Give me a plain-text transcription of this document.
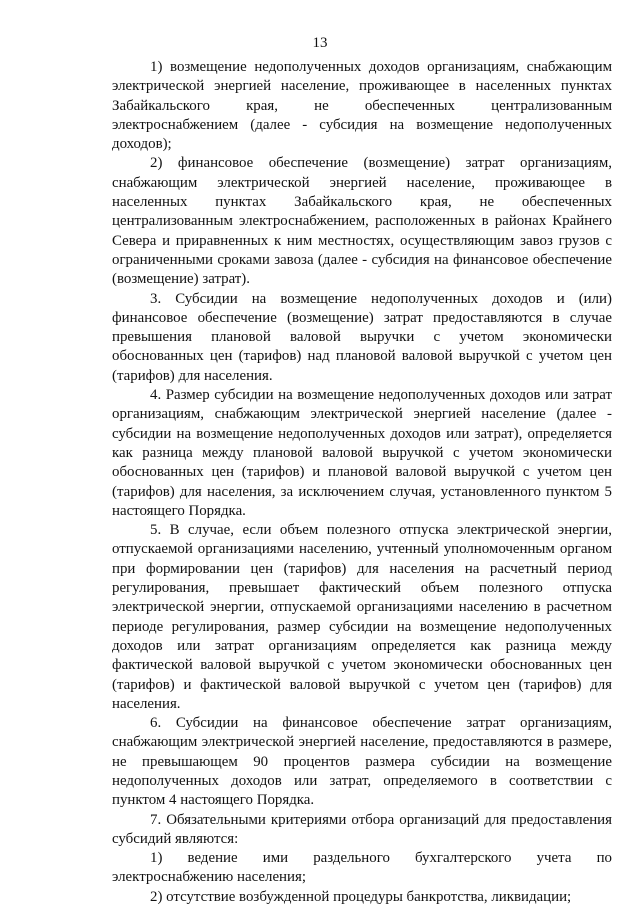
13
1) возмещение недополученных доходов организациям, снабжающим
электрической энергией население, проживающее в населенных пунктах
Забайкальского края, не обеспеченных централизованным
электроснабжением (далее - субсидия на возмещение недополученных
доходов);
2) финансовое обеспечение (возмещение) затрат организациям,
снабжающим электрической энергией население, проживающее в
населенных пунктах Забайкальского края, не обеспеченных
централизованным электроснабжением, расположенных в районах Крайнего
Севера и приравненных к ним местностях, осуществляющим завоз грузов с
ограниченными сроками завоза (далее - субсидия на финансовое обеспечение
(возмещение) затрат).
3. Субсидии на возмещение недополученных доходов и (или)
финансовое обеспечение (возмещение) затрат предоставляются в случае
превышения плановой валовой выручки с учетом экономически
обоснованных цен (тарифов) над плановой валовой выручкой с учетом цен
(тарифов) для населения.
4. Размер субсидии на возмещение недополученных доходов или затрат
организациям, снабжающим электрической энергией население (далее -
субсидии на возмещение недополученных доходов или затрат), определяется
как разница между плановой валовой выручкой с учетом экономически
обоснованных цен (тарифов) и плановой валовой выручкой с учетом цен
(тарифов) для населения, за исключением случая, установленного пунктом 5
настоящего Порядка.
5. В случае, если объем полезного отпуска электрической энергии,
отпускаемой организациями населению, учтенный уполномоченным органом
при формировании цен (тарифов) для населения на расчетный период
регулирования, превышает фактический объем полезного отпуска
электрической энергии, отпускаемой организациями населению в расчетном
периоде регулирования, размер субсидии на возмещение недополученных
доходов или затрат организациям определяется как разница между
фактической валовой выручкой с учетом экономически обоснованных цен
(тарифов) и фактической валовой выручкой с учетом цен (тарифов) для
населения.
6. Субсидии на финансовое обеспечение затрат организациям,
снабжающим электрической энергией население, предоставляются в размере,
не превышающем 90 процентов размера субсидии на возмещение
недополученных доходов или затрат, определяемого в соответствии с
пунктом 4 настоящего Порядка.
7. Обязательными критериями отбора организаций для предоставления
субсидий являются:
1) ведение ими раздельного бухгалтерского учета по
электроснабжению населения;
2) отсутствие возбужденной процедуры банкротства, ликвидации;
